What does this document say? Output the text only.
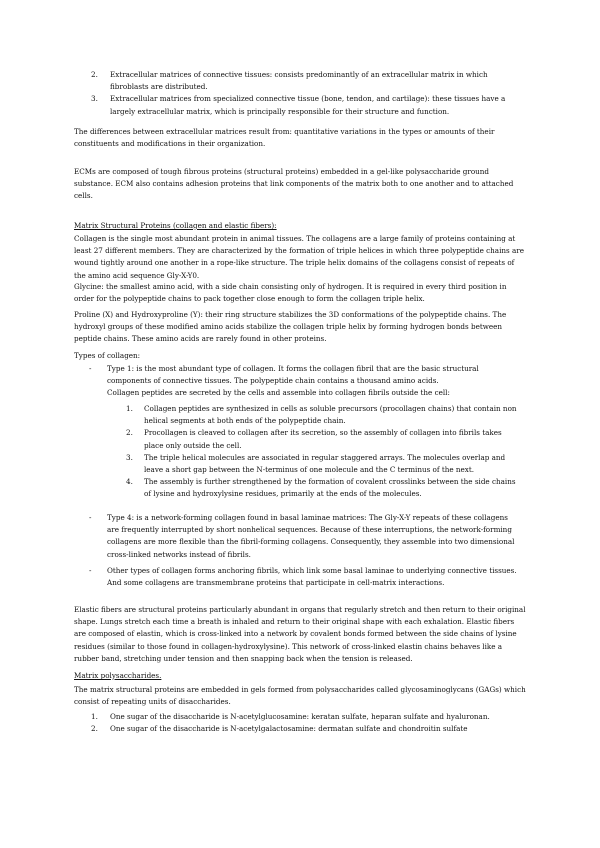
2. Extracellular matrices of connective tissues: consists predominantly of an extracellular matrix in which fibroblasts are distributed.
3. Extracellular matrices from specialized connective tissue (bone, tendon, and cartilage): these tissues have a largely extracellular matrix, which is principally responsible for their structure and function.

The differences between extracellular matrices result from: quantitative variations in the types or amounts of their constituents and modifications in their organization.

ECMs are composed of tough fibrous proteins (structural proteins) embedded in a gel-like polysaccharide ground substance. ECM also contains adhesion proteins that link components of the matrix both to one another and to attached cells.

Matrix Structural Proteins (collagen and elastic fibers):

Collagen is the single most abundant protein in animal tissues. The collagens are a large family of proteins containing at least 27 different members. They are characterized by the formation of triple helices in which three polypeptide chains are wound tightly around one another in a rope-like structure. The triple helix domains of the collagens consist of repeats of the amino acid sequence Gly-X-Y0.

Glycine: the smallest amino acid, with a side chain consisting only of hydrogen. It is required in every third position in order for the polypeptide chains to pack together close enough to form the collagen triple helix.

Proline (X) and Hydroxyproline (Y): their ring structure stabilizes the 3D conformations of the polypeptide chains. The hydroxyl groups of these modified amino acids stabilize the collagen triple helix by forming hydrogen bonds between peptide chains. These amino acids are rarely found in other proteins.

Types of collagen:

- Type 1: is the most abundant type of collagen. It forms the collagen fibril that are the basic structural components of connective tissues. The polypeptide chain contains a thousand amino acids.

Collagen peptides are secreted by the cells and assemble into collagen fibrils outside the cell:

1. Collagen peptides are synthesized in cells as soluble precursors (procollagen chains) that contain non helical segments at both ends of the polypeptide chain.
2. Procollagen is cleaved to collagen after its secretion, so the assembly of collagen into fibrils takes place only outside the cell.
3. The triple helical molecules are associated in regular staggered arrays. The molecules overlap and leave a short gap between the N-terminus of one molecule and the C terminus of the next.
4. The assembly is further strengthened by the formation of covalent crosslinks between the side chains of lysine and hydroxylysine residues, primarily at the ends of the molecules.
- Type 4: is a network-forming collagen found in basal laminae matrices: The Gly-X-Y repeats of these collagens are frequently interrupted by short nonhelical sequences. Because of these interruptions, the network-forming collagens are more flexible than the fibril-forming collagens. Consequently, they assemble into two dimensional cross-linked networks instead of fibrils.

- Other types of collagen forms anchoring fibrils, which link some basal laminae to underlying connective tissues. And some collagens are transmembrane proteins that participate in cell-matrix interactions.

Elastic fibers are structural proteins particularly abundant in organs that regularly stretch and then return to their original shape. Lungs stretch each time a breath is inhaled and return to their original shape with each exhalation. Elastic fibers are composed of elastin, which is cross-linked into a network by covalent bonds formed between the side chains of lysine residues (similar to those found in collagen-hydroxylysine). This network of cross-linked elastin chains behaves like a rubber band, stretching under tension and then snapping back when the tension is released.

Matrix polysaccharides.

The matrix structural proteins are embedded in gels formed from polysaccharides called glycosaminoglycans (GAGs) which consist of repeating units of disaccharides.

1. One sugar of the disaccharide is N-acetylglucosamine: keratan sulfate, heparan sulfate and hyaluronan.
2. One sugar of the disaccharide is N-acetylgalactosamine: dermatan sulfate and chondroitin sulfate
